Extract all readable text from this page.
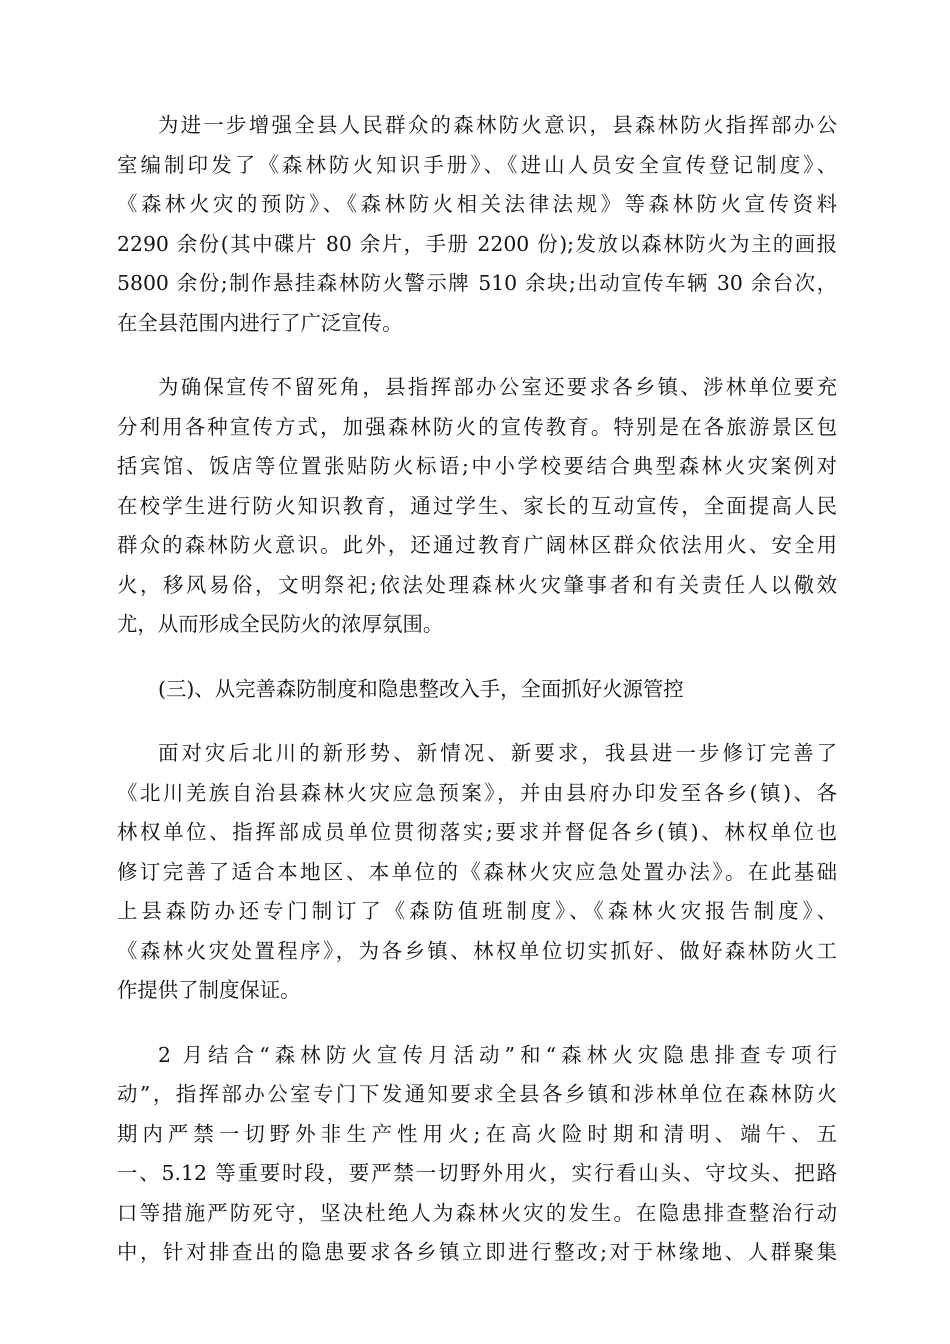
为进一步增强全县人民群众的森林防火意识，县森林防火指挥部办公
室编制印发了《森林防火知识手册》、《进山人员安全宣传登记制度》、
《森林火灾的预防》、《森林防火相关法律法规》等森林防火宣传资料
2290 余份(其中碟片 80 余片，手册 2200 份);发放以森林防火为主的画报
5800 余份;制作悬挂森林防火警示牌 510 余块;出动宣传车辆 30 余台次，
在全县范围内进行了广泛宣传。
为确保宣传不留死角，县指挥部办公室还要求各乡镇、涉林单位要充
分利用各种宣传方式，加强森林防火的宣传教育。特别是在各旅游景区包
括宾馆、饭店等位置张贴防火标语;中小学校要结合典型森林火灾案例对
在校学生进行防火知识教育，通过学生、家长的互动宣传，全面提高人民
群众的森林防火意识。此外，还通过教育广阔林区群众依法用火、安全用
火，移风易俗，文明祭祀;依法处理森林火灾肇事者和有关责任人以儆效
尤，从而形成全民防火的浓厚氛围。
(三)、从完善森防制度和隐患整改入手，全面抓好火源管控
面对灾后北川的新形势、新情况、新要求，我县进一步修订完善了
《北川羌族自治县森林火灾应急预案》，并由县府办印发至各乡(镇)、各
林权单位、指挥部成员单位贯彻落实;要求并督促各乡(镇)、林权单位也
修订完善了适合本地区、本单位的《森林火灾应急处置办法》。在此基础
上县森防办还专门制订了《森防值班制度》、《森林火灾报告制度》、
《森林火灾处置程序》，为各乡镇、林权单位切实抓好、做好森林防火工
作提供了制度保证。
2 月结合“森林防火宣传月活动”和“森林火灾隐患排查专项行
动”，指挥部办公室专门下发通知要求全县各乡镇和涉林单位在森林防火
期内严禁一切野外非生产性用火;在高火险时期和清明、端午、五
一、5.12 等重要时段，要严禁一切野外用火，实行看山头、守坟头、把路
口等措施严防死守，坚决杜绝人为森林火灾的发生。在隐患排查整治行动
中，针对排查出的隐患要求各乡镇立即进行整改;对于林缘地、人群聚集
